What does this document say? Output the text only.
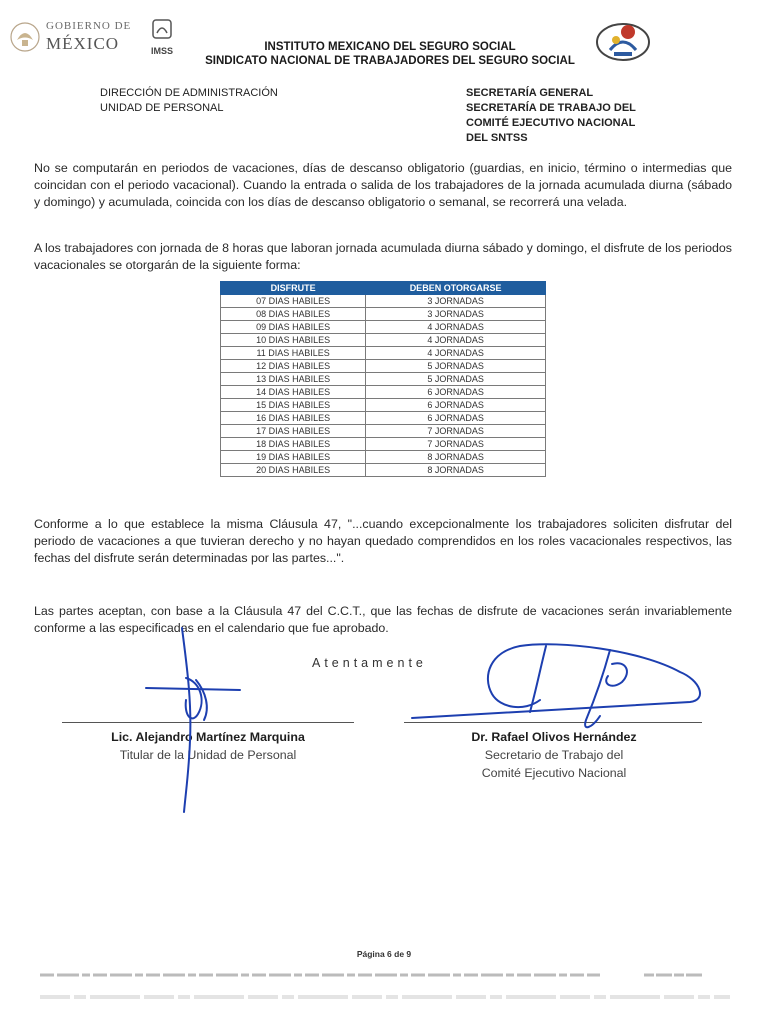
GOBIERNO DE
MÉXICO	IMSS	INSTITUTO MEXICANO DEL SEGURO SOCIAL
SINDICATO NACIONAL DE TRABAJADORES DEL SEGURO SOCIAL
DIRECCIÓN DE ADMINISTRACIÓN
UNIDAD DE PERSONAL
SECRETARÍA GENERAL
SECRETARÍA DE TRABAJO DEL
COMITÉ EJECUTIVO NACIONAL
DEL SNTSS
No se computarán en periodos de vacaciones, días de descanso obligatorio (guardias, en inicio, término o intermedias que coincidan con el periodo vacacional). Cuando la entrada o salida de los trabajadores de la jornada acumulada diurna (sábado y domingo) y acumulada, coincida con los días de descanso obligatorio o semanal, se recorrerá una velada.
A los trabajadores con jornada de 8 horas que laboran jornada acumulada diurna sábado y domingo, el disfrute de los periodos vacacionales se otorgarán de la siguiente forma:
DISFRUTE	DEBEN OTORGARSE
07 DIAS HABILES	3 JORNADAS
08 DIAS HABILES	3 JORNADAS
09 DIAS HABILES	4 JORNADAS
10 DIAS HABILES	4 JORNADAS
11 DIAS HABILES	4 JORNADAS
12 DIAS HABILES	5 JORNADAS
13 DIAS HABILES	5 JORNADAS
14 DIAS HABILES	6 JORNADAS
15 DIAS HABILES	6 JORNADAS
16 DIAS HABILES	6 JORNADAS
17 DIAS HABILES	7 JORNADAS
18 DIAS HABILES	7 JORNADAS
19 DIAS HABILES	8 JORNADAS
20 DIAS HABILES	8 JORNADAS
Conforme a lo que establece la misma Cláusula 47, "...cuando excepcionalmente los trabajadores soliciten disfrutar del periodo de vacaciones a que tuvieran derecho y no hayan quedado comprendidos en los roles vacacionales respectivos, las fechas del disfrute serán determinadas por las partes...".
Las partes aceptan, con base a la Cláusula 47 del C.C.T., que las fechas de disfrute de vacaciones serán invariablemente conforme a las especificadas en el calendario que fue aprobado.
Atentamente
Lic. Alejandro Martínez Marquina
Titular de la Unidad de Personal
Dr. Rafael Olivos Hernández
Secretario de Trabajo del
Comité Ejecutivo Nacional
Página 6 de 9
